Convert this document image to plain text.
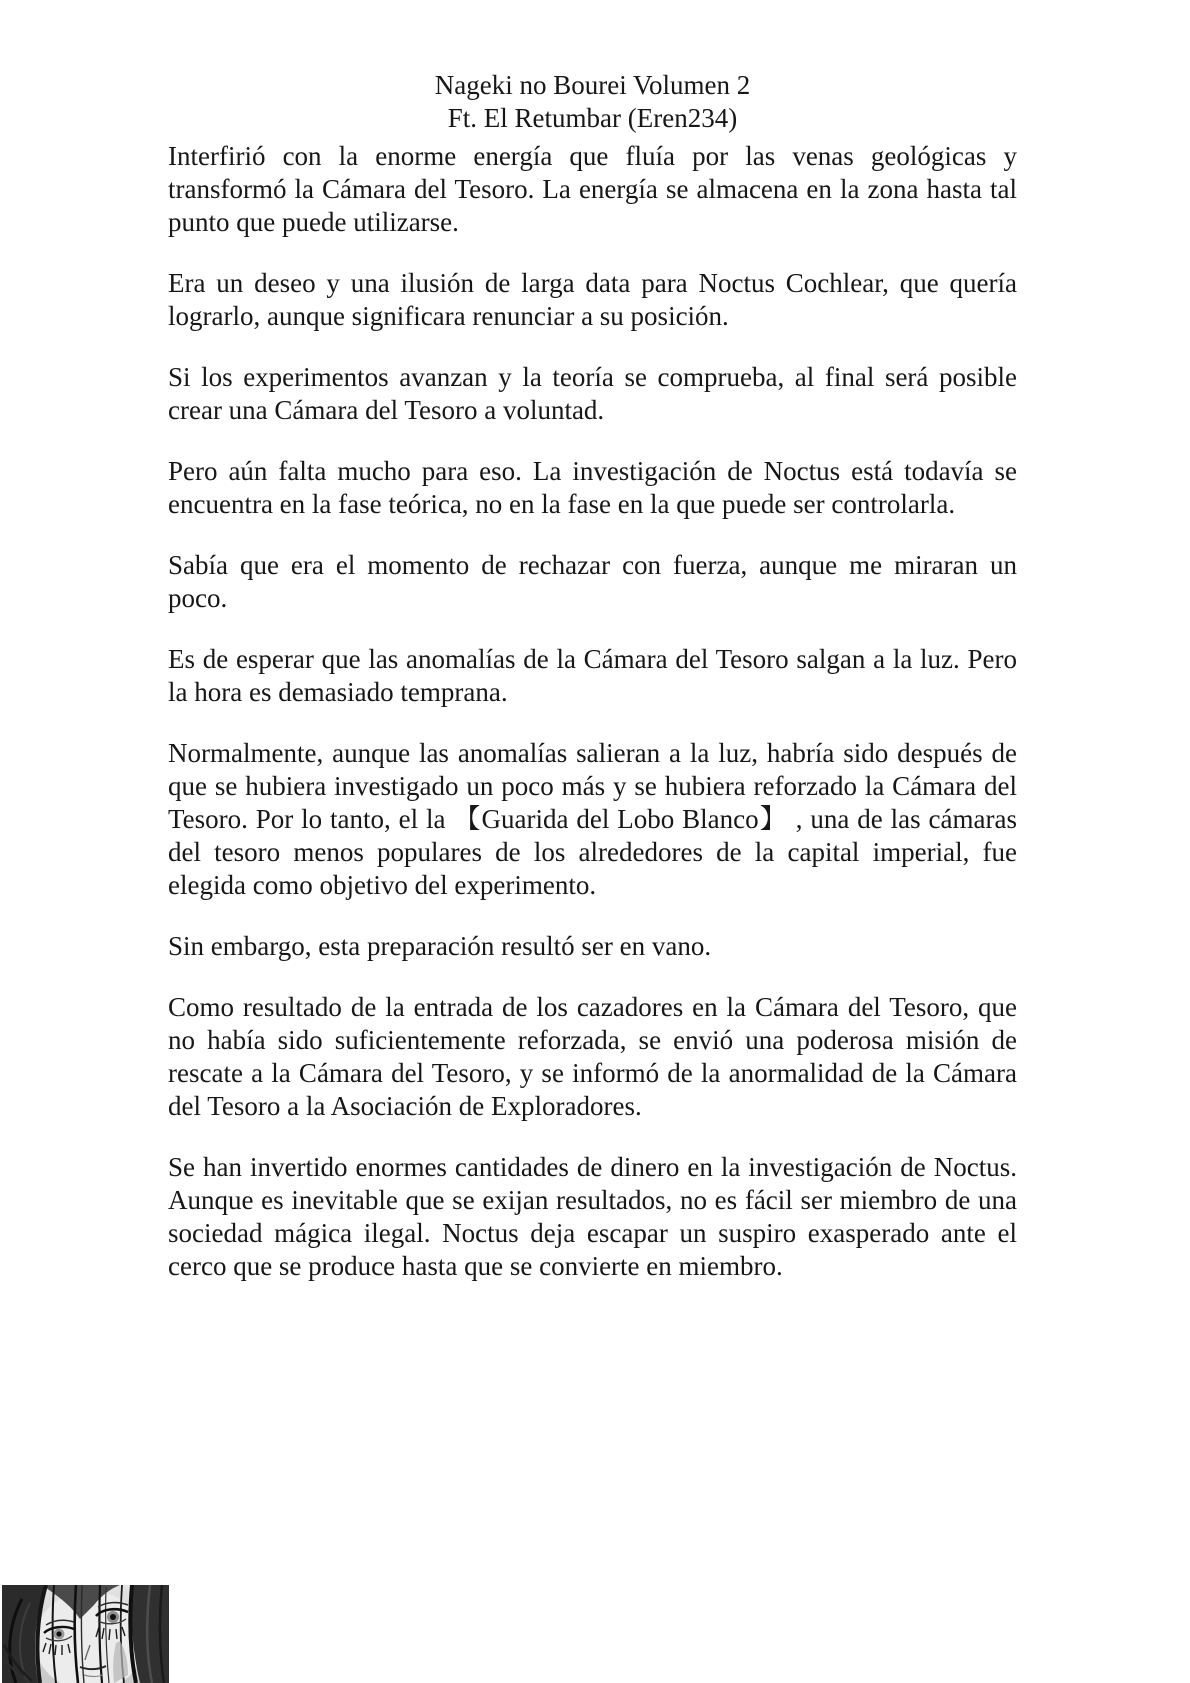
Nageki no Bourei Volumen 2
Ft. El Retumbar (Eren234)

Interfirió con la enorme energía que fluía por las venas geológicas y transformó la Cámara del Tesoro. La energía se almacena en la zona hasta tal punto que puede utilizarse.

Era un deseo y una ilusión de larga data para Noctus Cochlear, que quería lograrlo, aunque significara renunciar a su posición.

Si los experimentos avanzan y la teoría se comprueba, al final será posible crear una Cámara del Tesoro a voluntad.

Pero aún falta mucho para eso. La investigación de Noctus está todavía se encuentra en la fase teórica, no en la fase en la que puede ser controlarla.

Sabía que era el momento de rechazar con fuerza, aunque me miraran un poco.

Es de esperar que las anomalías de la Cámara del Tesoro salgan a la luz. Pero la hora es demasiado temprana.

Normalmente, aunque las anomalías salieran a la luz, habría sido después de que se hubiera investigado un poco más y se hubiera reforzado la Cámara del Tesoro. Por lo tanto, el la 【Guarida del Lobo Blanco】 , una de las cámaras del tesoro menos populares de los alrededores de la capital imperial, fue elegida como objetivo del experimento.

Sin embargo, esta preparación resultó ser en vano.

Como resultado de la entrada de los cazadores en la Cámara del Tesoro, que no había sido suficientemente reforzada, se envió una poderosa misión de rescate a la Cámara del Tesoro, y se informó de la anormalidad de la Cámara del Tesoro a la Asociación de Exploradores.

Se han invertido enormes cantidades de dinero en la investigación de Noctus. Aunque es inevitable que se exijan resultados, no es fácil ser miembro de una sociedad mágica ilegal. Noctus deja escapar un suspiro exasperado ante el cerco que se produce hasta que se convierte en miembro.
